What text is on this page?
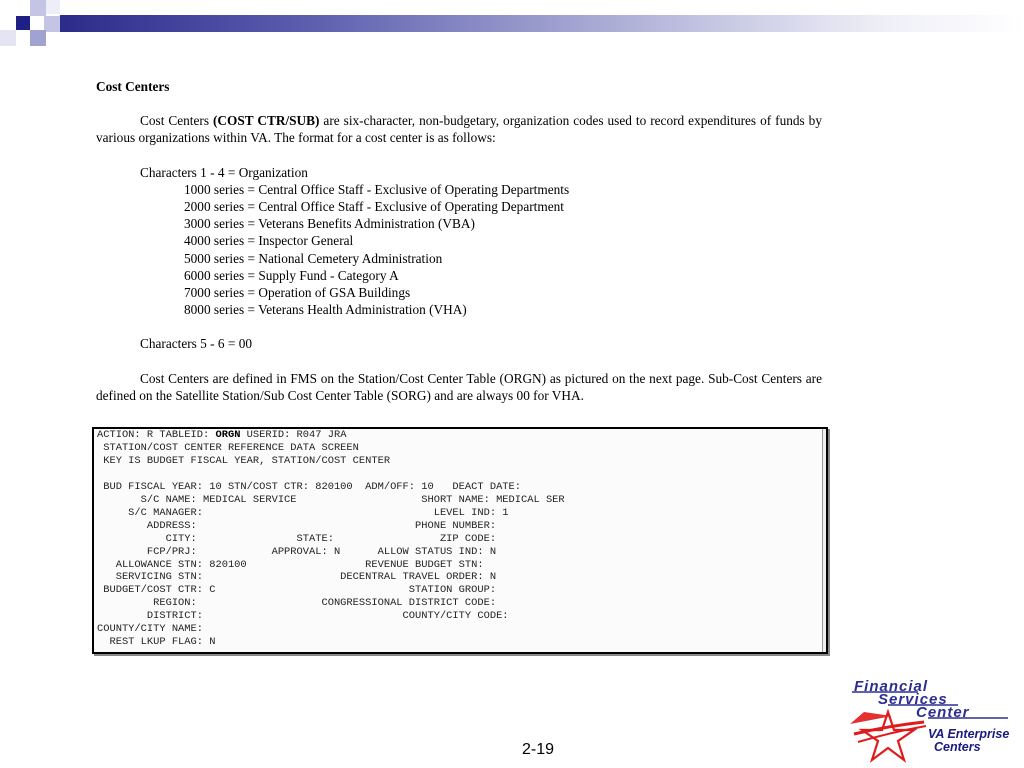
Cost Centers

Cost Centers (COST CTR/SUB) are six-character, non-budgetary, organization codes used to record expenditures of funds by various organizations within VA. The format for a cost center is as follows:

Characters 1 - 4 = Organization

1000 series = Central Office Staff - Exclusive of Operating Departments

2000 series = Central Office Staff - Exclusive of Operating Department

3000 series = Veterans Benefits Administration (VBA)

4000 series = Inspector General

5000 series = National Cemetery Administration

6000 series = Supply Fund - Category A

7000 series = Operation of GSA Buildings

8000 series = Veterans Health Administration (VHA)

Characters 5 - 6 = 00

Cost Centers are defined in FMS on the Station/Cost Center Table (ORGN) as pictured on the next page. Sub-Cost Centers are defined on the Satellite Station/Sub Cost Center Table (SORG) and are always 00 for VHA.

ACTION: R TABLEID: ORGN USERID: R047 JRA
STATION/COST CENTER REFERENCE DATA SCREEN
KEY IS BUDGET FISCAL YEAR, STATION/COST CENTER

BUD FISCAL YEAR: 10 STN/COST CTR: 820100  ADM/OFF: 10   DEACT DATE:
S/C NAME: MEDICAL SERVICE                    SHORT NAME: MEDICAL SER
S/C MANAGER:                                     LEVEL IND: 1
ADDRESS:                                   PHONE NUMBER:
CITY:                STATE:                 ZIP CODE:
FCP/PRJ:            APPROVAL: N      ALLOW STATUS IND: N
ALLOWANCE STN: 820100                   REVENUE BUDGET STN:
SERVICING STN:                      DECENTRAL TRAVEL ORDER: N
BUDGET/COST CTR: C                               STATION GROUP:
REGION:                    CONGRESSIONAL DISTRICT CODE:
DISTRICT:                                COUNTY/CITY CODE:
COUNTY/CITY NAME:
REST LKUP FLAG: N
2-19
Financial
Services
Center
VA Enterprise
Centers
